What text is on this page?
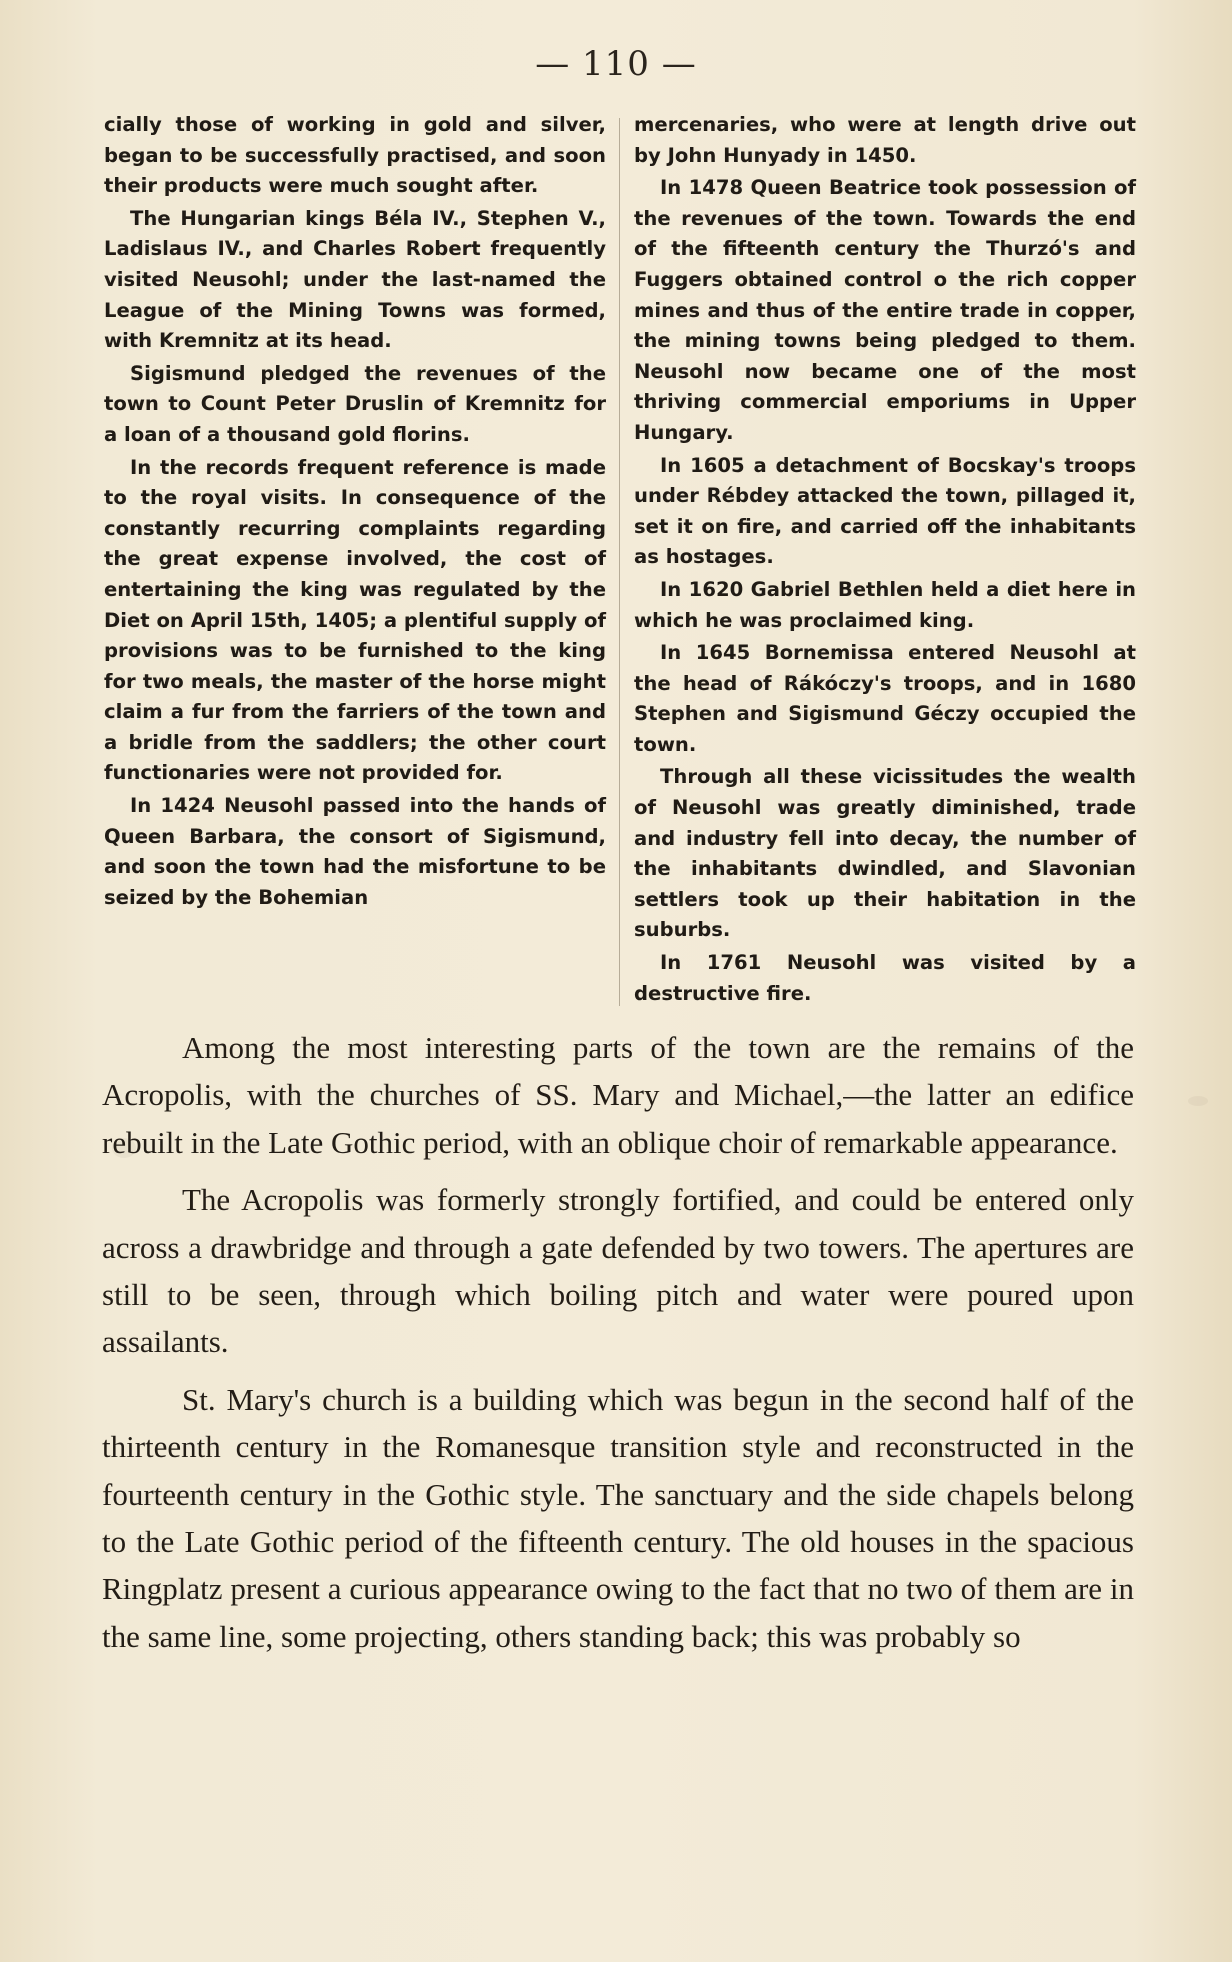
— 110 —

cially those of working in gold and silver, began to be successfully practised, and soon their products were much sought after.

The Hungarian kings Béla IV., Stephen V., Ladislaus IV., and Charles Robert frequently visited Neusohl; under the last-named the League of the Mining Towns was formed, with Kremnitz at its head.

Sigismund pledged the revenues of the town to Count Peter Druslin of Kremnitz for a loan of a thousand gold florins.

In the records frequent reference is made to the royal visits. In consequence of the constantly recurring complaints regarding the great expense involved, the cost of entertaining the king was regulated by the Diet on April 15th, 1405; a plentiful supply of provisions was to be furnished to the king for two meals, the master of the horse might claim a fur from the farriers of the town and a bridle from the saddlers; the other court functionaries were not provided for.

In 1424 Neusohl passed into the hands of Queen Barbara, the consort of Sigismund, and soon the town had the misfortune to be seized by the Bohemian

mercenaries, who were at length drive out by John Hunyady in 1450.

In 1478 Queen Beatrice took possession of the revenues of the town. Towards the end of the fifteenth century the Thurzó's and Fuggers obtained control o the rich copper mines and thus of the entire trade in copper, the mining towns being pledged to them. Neusohl now became one of the most thriving commercial emporiums in Upper Hungary.

In 1605 a detachment of Bocskay's troops under Rébdey attacked the town, pillaged it, set it on fire, and carried off the inhabitants as hostages.

In 1620 Gabriel Bethlen held a diet here in which he was proclaimed king.

In 1645 Bornemissa entered Neusohl at the head of Rákóczy's troops, and in 1680 Stephen and Sigismund Géczy occupied the town.

Through all these vicissitudes the wealth of Neusohl was greatly diminished, trade and industry fell into decay, the number of the inhabitants dwindled, and Slavonian settlers took up their habitation in the suburbs.

In 1761 Neusohl was visited by a destructive fire.

Among the most interesting parts of the town are the remains of the Acropolis, with the churches of SS. Mary and Michael,—the latter an edifice rebuilt in the Late Gothic period, with an oblique choir of remarkable appearance.

The Acropolis was formerly strongly fortified, and could be entered only across a drawbridge and through a gate defended by two towers. The apertures are still to be seen, through which boiling pitch and water were poured upon assailants.

St. Mary's church is a building which was begun in the second half of the thirteenth century in the Romanesque transition style and reconstructed in the fourteenth century in the Gothic style. The sanctuary and the side chapels belong to the Late Gothic period of the fifteenth century. The old houses in the spacious Ringplatz present a curious appearance owing to the fact that no two of them are in the same line, some projecting, others standing back; this was probably so
